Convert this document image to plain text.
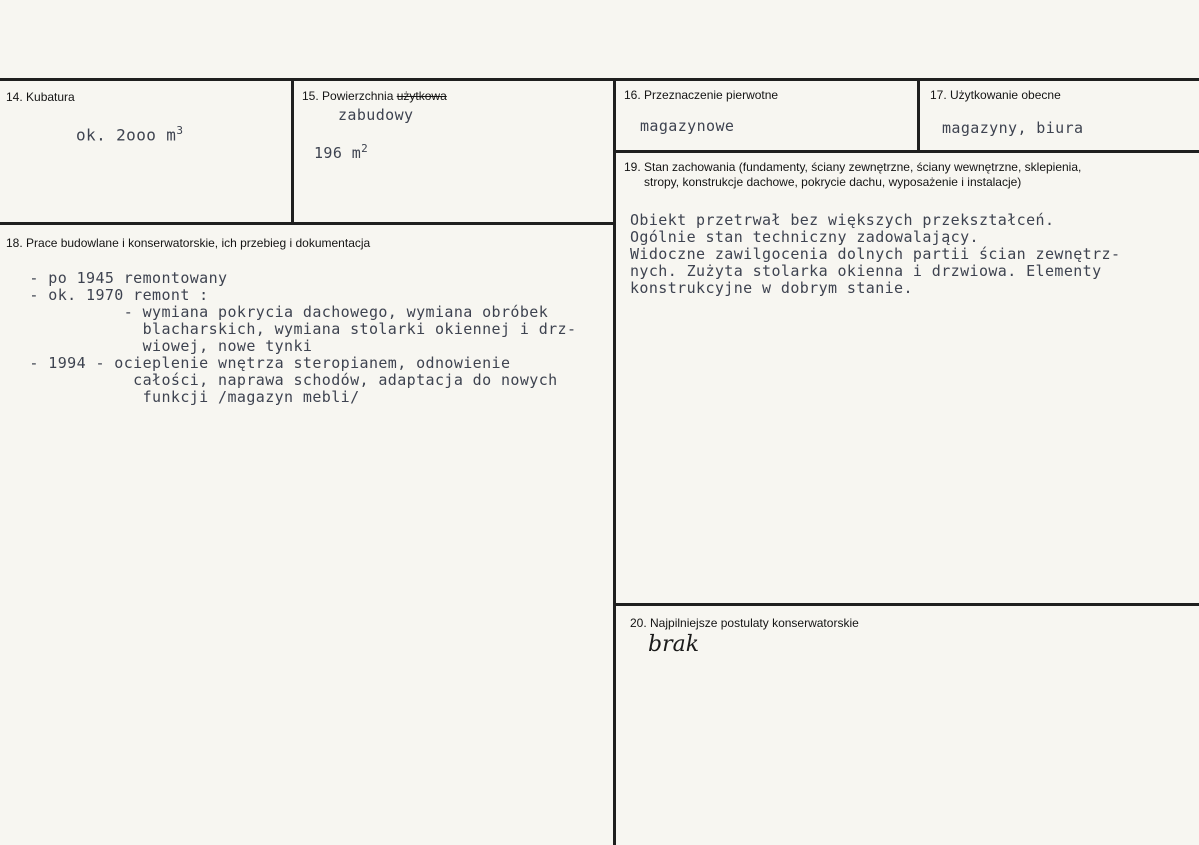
14. Kubatura
ok. 2ooo $m^3$
15. Powierzchnia użytkowa
zabudowy
196 $m^2$
16. Przeznaczenie pierwotne
magazynowe
17. Użytkowanie obecne
magazyny, biura
19. Stan zachowania (fundamenty, ściany zewnętrzne, ściany wewnętrzne, sklepienia,
stropy, konstrukcje dachowe, pokrycie dachu, wyposażenie i instalacje)
Obiekt przetrwał bez większych przekształceń.
Ogólnie stan techniczny zadowalający.
Widoczne zawilgocenia dolnych partii ścian zewnętrz-
nych. Zużyta stolarka okienna i drzwiowa. Elementy
konstrukcyjne w dobrym stanie.
18. Prace budowlane i konserwatorskie, ich przebieg i dokumentacja
- po 1945 remontowany
- ok. 1970 remont :
- wymiana pokrycia dachowego, wymiana obróbek
blacharskich, wymiana stolarki okiennej i drz-
wiowej, nowe tynki
- 1994 - ocieplenie wnętrza steropianem, odnowienie
całości, naprawa schodów, adaptacja do nowych
funkcji /magazyn mebli/
20. Najpilniejsze postulaty konserwatorskie
brak
